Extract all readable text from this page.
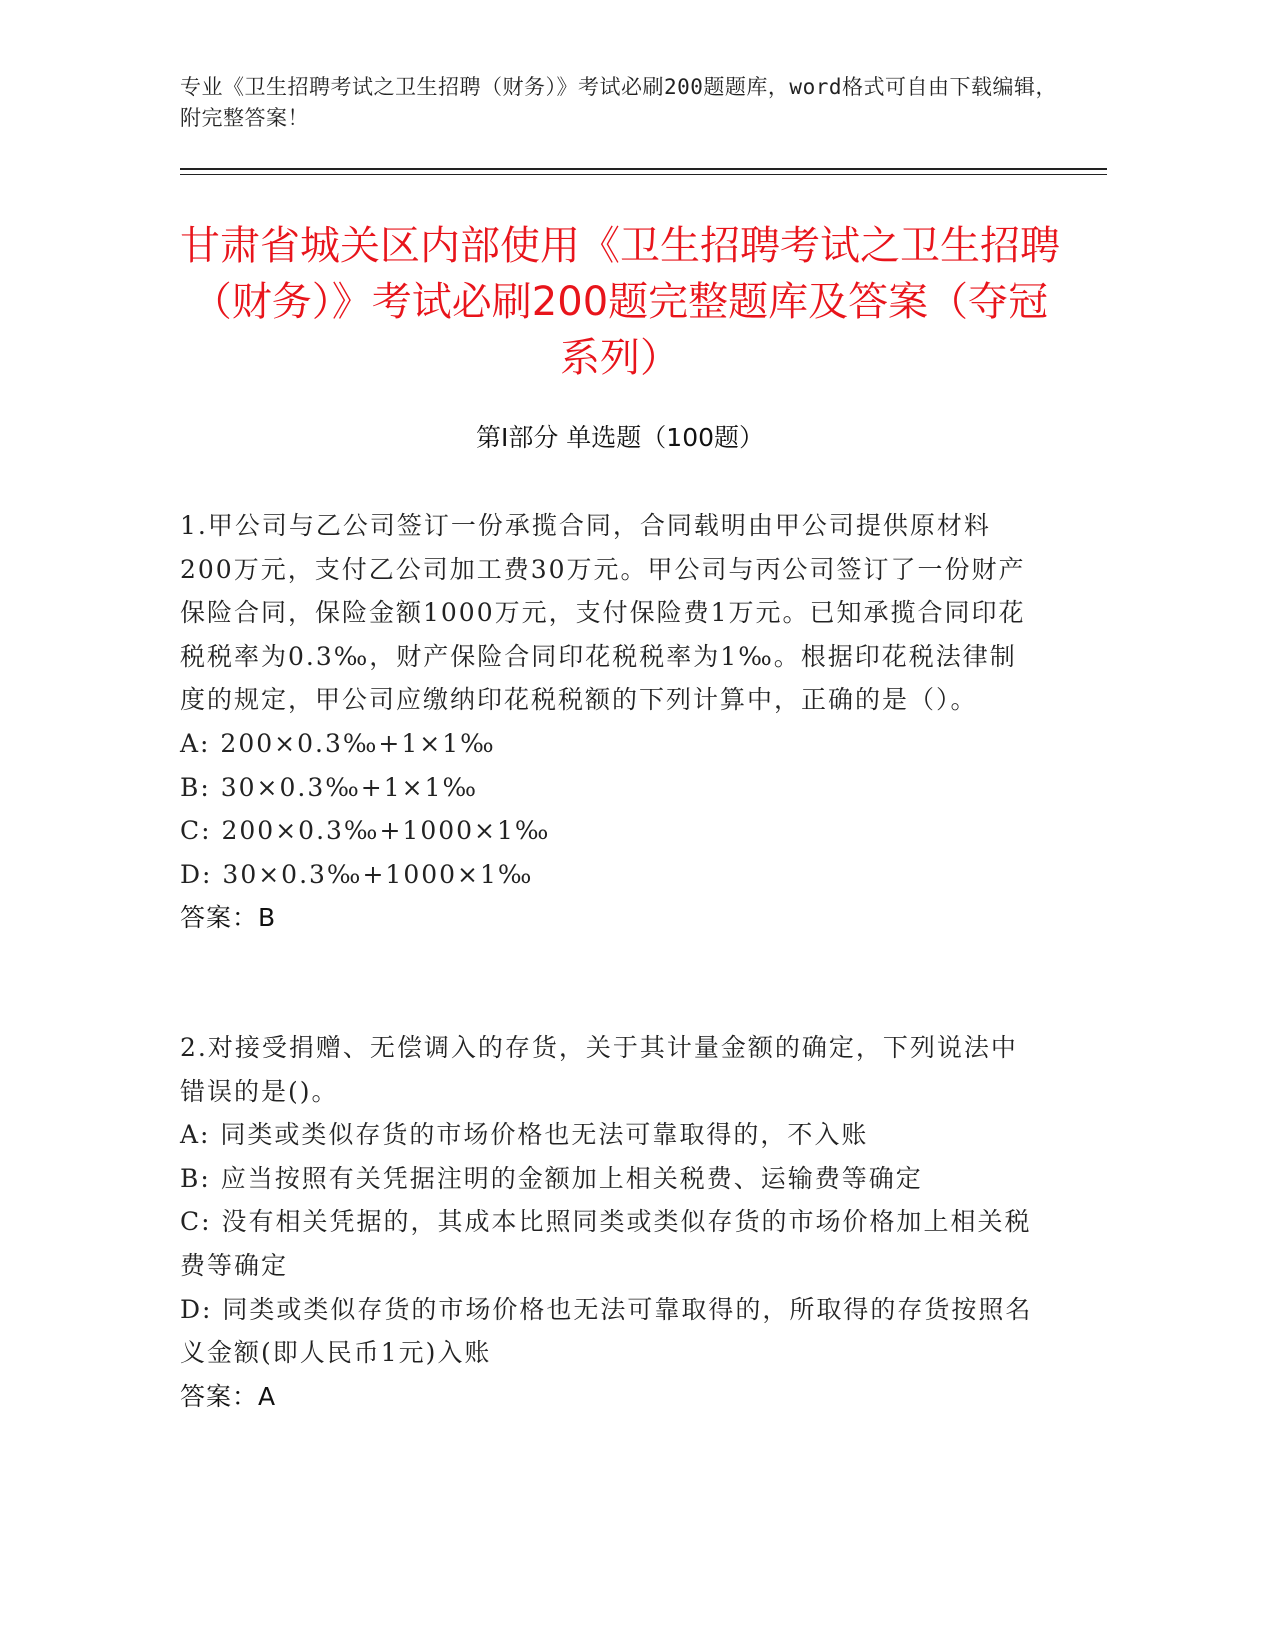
专业《卫生招聘考试之卫生招聘（财务）》考试必刷200题题库，word格式可自由下载编辑，附完整答案！
甘肃省城关区内部使用《卫生招聘考试之卫生招聘（财务）》考试必刷200题完整题库及答案（夺冠系列）
第I部分 单选题（100题）
1.甲公司与乙公司签订一份承揽合同，合同载明由甲公司提供原材料200万元，支付乙公司加工费30万元。甲公司与丙公司签订了一份财产保险合同，保险金额1000万元，支付保险费1万元。已知承揽合同印花税税率为0.3‰，财产保险合同印花税税率为1‰。根据印花税法律制度的规定，甲公司应缴纳印花税税额的下列计算中，正确的是（）。
A: 200×0.3‰+1×1‰
B: 30×0.3‰+1×1‰
C: 200×0.3‰+1000×1‰
D: 30×0.3‰+1000×1‰
答案：B
2.对接受捐赠、无偿调入的存货，关于其计量金额的确定，下列说法中错误的是()。
A: 同类或类似存货的市场价格也无法可靠取得的，不入账
B: 应当按照有关凭据注明的金额加上相关税费、运输费等确定
C: 没有相关凭据的，其成本比照同类或类似存货的市场价格加上相关税费等确定
D: 同类或类似存货的市场价格也无法可靠取得的，所取得的存货按照名义金额(即人民币1元)入账
答案：A
